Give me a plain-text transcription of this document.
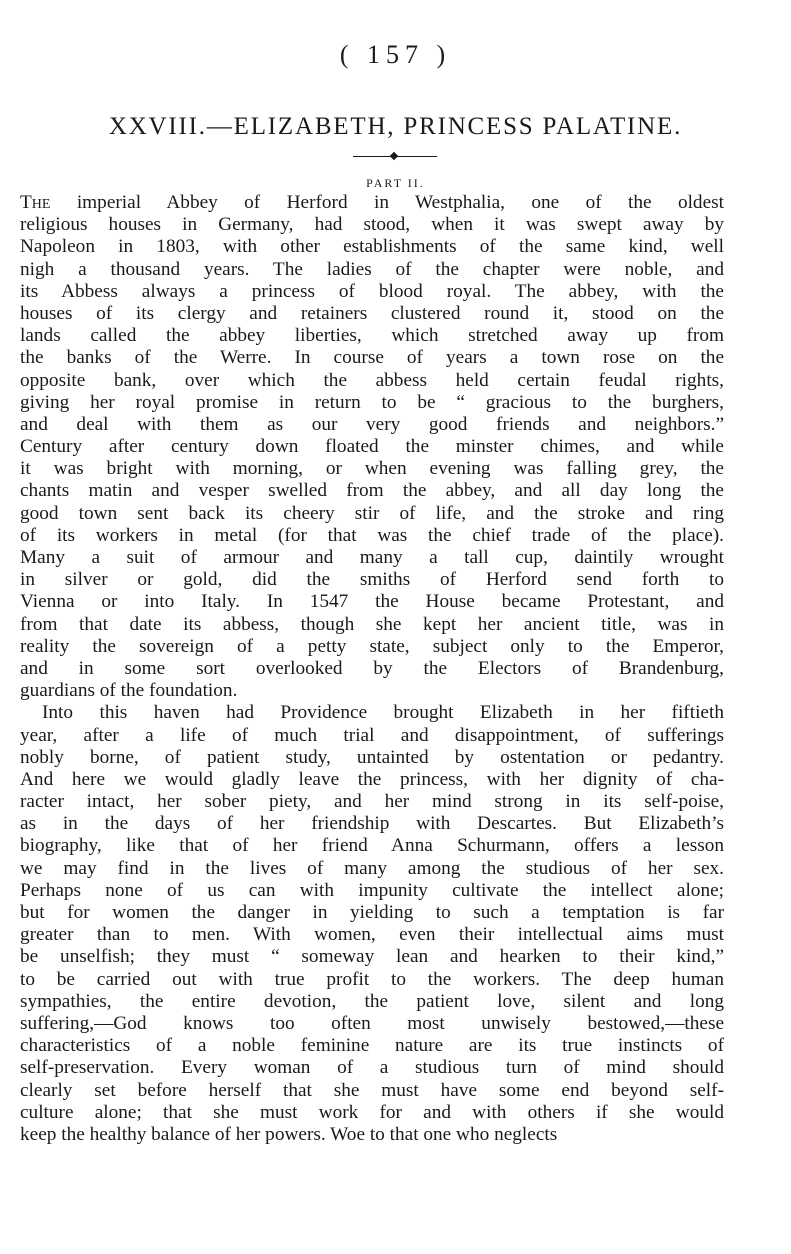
( 157 )
XXVIII.—ELIZABETH, PRINCESS PALATINE.
PART II.
The imperial Abbey of Herford in Westphalia, one of the oldest
religious houses in Germany, had stood, when it was swept away by
Napoleon in 1803, with other establishments of the same kind, well
nigh a thousand years. The ladies of the chapter were noble, and
its Abbess always a princess of blood royal. The abbey, with the
houses of its clergy and retainers clustered round it, stood on the
lands called the abbey liberties, which stretched away up from
the banks of the Werre. In course of years a town rose on the
opposite bank, over which the abbess held certain feudal rights,
giving her royal promise in return to be “ gracious to the burghers,
and deal with them as our very good friends and neighbors.”
Century after century down floated the minster chimes, and while
it was bright with morning, or when evening was falling grey, the
chants matin and vesper swelled from the abbey, and all day long the
good town sent back its cheery stir of life, and the stroke and ring
of its workers in metal (for that was the chief trade of the place).
Many a suit of armour and many a tall cup, daintily wrought
in silver or gold, did the smiths of Herford send forth to
Vienna or into Italy. In 1547 the House became Protestant, and
from that date its abbess, though she kept her ancient title, was in
reality the sovereign of a petty state, subject only to the Emperor,
and in some sort overlooked by the Electors of Brandenburg,
guardians of the foundation.
Into this haven had Providence brought Elizabeth in her fiftieth
year, after a life of much trial and disappointment, of sufferings
nobly borne, of patient study, untainted by ostentation or pedantry.
And here we would gladly leave the princess, with her dignity of cha-
racter intact, her sober piety, and her mind strong in its self-poise,
as in the days of her friendship with Descartes. But Elizabeth’s
biography, like that of her friend Anna Schurmann, offers a lesson
we may find in the lives of many among the studious of her sex.
Perhaps none of us can with impunity cultivate the intellect alone;
but for women the danger in yielding to such a temptation is far
greater than to men. With women, even their intellectual aims must
be unselfish; they must “ someway lean and hearken to their kind,”
to be carried out with true profit to the workers. The deep human
sympathies, the entire devotion, the patient love, silent and long
suffering,—God knows too often most unwisely bestowed,—these
characteristics of a noble feminine nature are its true instincts of
self-preservation. Every woman of a studious turn of mind should
clearly set before herself that she must have some end beyond self-
culture alone; that she must work for and with others if she would
keep the healthy balance of her powers. Woe to that one who neglects
